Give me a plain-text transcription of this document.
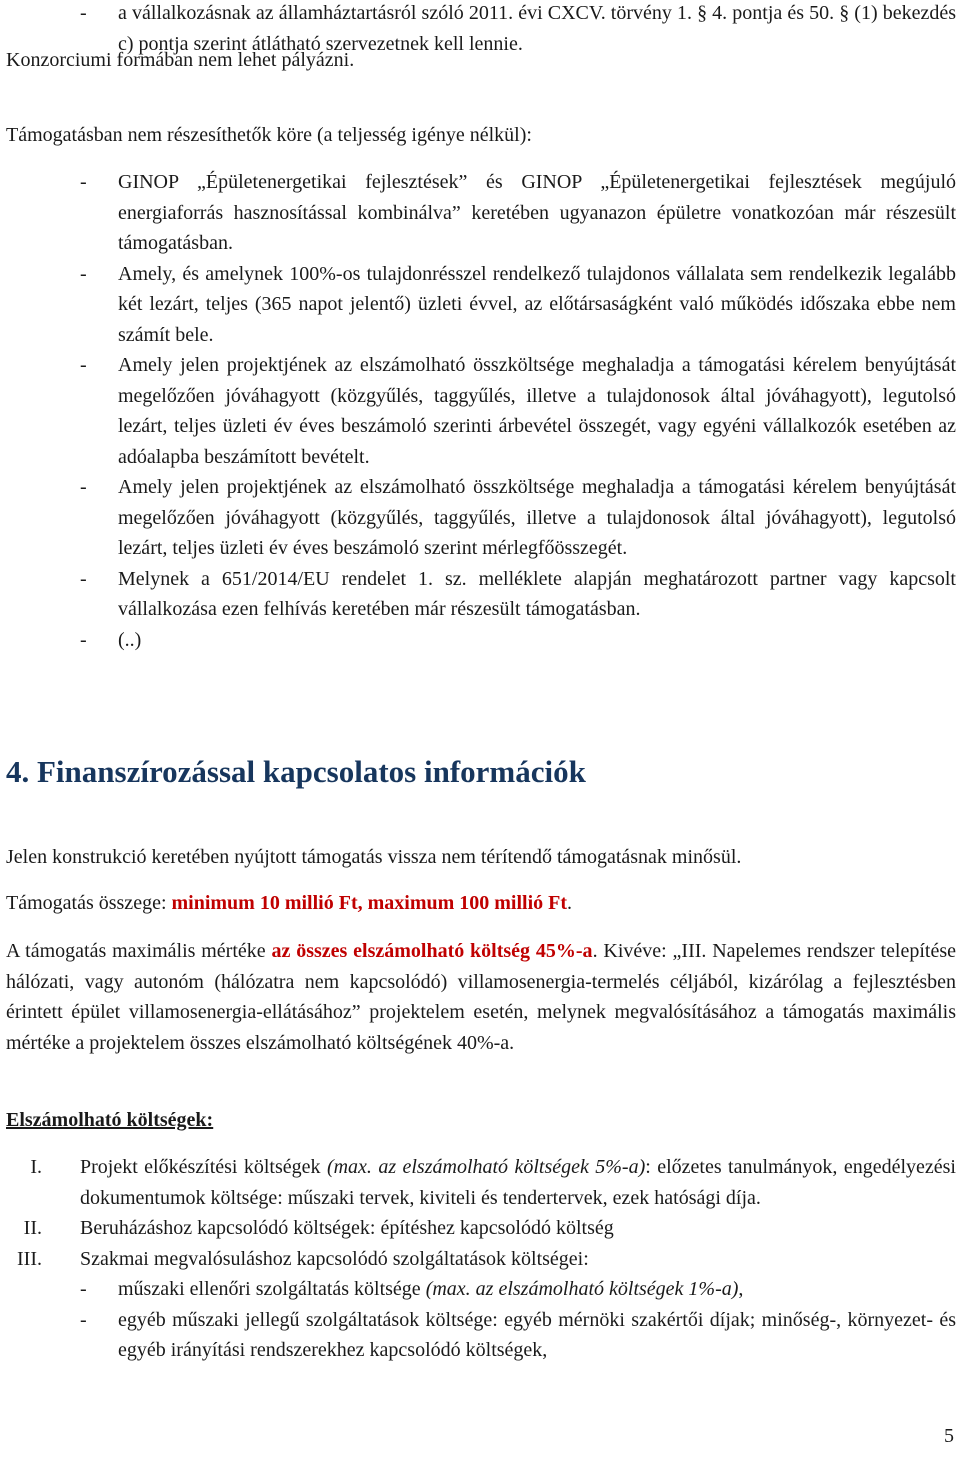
- a vállalkozásnak az államháztartásról szóló 2011. évi CXCV. törvény 1. § 4. pontja és 50. § (1) bekezdés c) pontja szerint átlátható szervezetnek kell lennie.
Konzorciumi formában nem lehet pályázni.
Támogatásban nem részesíthetők köre (a teljesség igénye nélkül):
- GINOP „Épületenergetikai fejlesztések” és GINOP „Épületenergetikai fejlesztések megújuló energiaforrás hasznosítással kombinálva” keretében ugyanazon épületre vonatkozóan már részesült támogatásban.
- Amely, és amelynek 100%-os tulajdonrésszel rendelkező tulajdonos vállalata sem rendelkezik legalább két lezárt, teljes (365 napot jelentő) üzleti évvel, az előtársaságként való működés időszaka ebbe nem számít bele.
- Amely jelen projektjének az elszámolható összköltsége meghaladja a támogatási kérelem benyújtását megelőzően jóváhagyott (közgyűlés, taggyűlés, illetve a tulajdonosok által jóváhagyott), legutolsó lezárt, teljes üzleti év éves beszámoló szerinti árbevétel összegét, vagy egyéni vállalkozók esetében az adóalapba beszámított bevételt.
- Amely jelen projektjének az elszámolható összköltsége meghaladja a támogatási kérelem benyújtását megelőzően jóváhagyott (közgyűlés, taggyűlés, illetve a tulajdonosok által jóváhagyott), legutolsó lezárt, teljes üzleti év éves beszámoló szerint mérlegfőösszegét.
- Melynek a 651/2014/EU rendelet 1. sz. melléklete alapján meghatározott partner vagy kapcsolt vállalkozása ezen felhívás keretében már részesült támogatásban.
- (..)
4. Finanszírozással kapcsolatos információk
Jelen konstrukció keretében nyújtott támogatás vissza nem térítendő támogatásnak minősül.
Támogatás összege: minimum 10 millió Ft, maximum 100 millió Ft.
A támogatás maximális mértéke az összes elszámolható költség 45%-a. Kivéve: „III. Napelemes rendszer telepítése hálózati, vagy autonóm (hálózatra nem kapcsolódó) villamosenergia-termelés céljából, kizárólag a fejlesztésben érintett épület villamosenergia-ellátásához” projektelem esetén, melynek megvalósításához a támogatás maximális mértéke a projektelem összes elszámolható költségének 40%-a.
Elszámolható költségek:
I. Projekt előkészítési költségek (max. az elszámolható költségek 5%-a): előzetes tanulmányok, engedélyezési dokumentumok költsége: műszaki tervek, kiviteli és tendertervek, ezek hatósági díja.
II. Beruházáshoz kapcsolódó költségek: építéshez kapcsolódó költség
III. Szakmai megvalósuláshoz kapcsolódó szolgáltatások költségei:
- műszaki ellenőri szolgáltatás költsége (max. az elszámolható költségek 1%-a),
- egyéb műszaki jellegű szolgáltatások költsége: egyéb mérnöki szakértői díjak; minőség-, környezet- és egyéb irányítási rendszerekhez kapcsolódó költségek,
5
